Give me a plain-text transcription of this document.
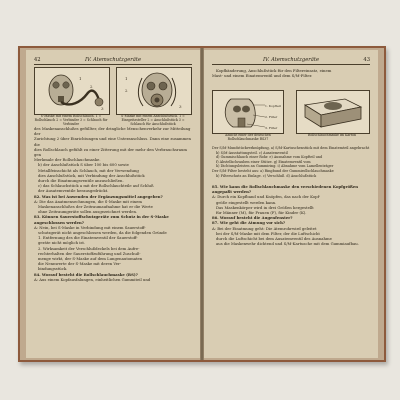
42	IV. Atemschutzgeräte
1
2
3
S-Maske mit einem Rollschlauch. 1 = Rollschlauch 2 = Verbinder 3 = Schlauch für Verbinder
1
2
3
S-Maske mit einem Anschlußstück. 1 = Einspritzsteller 2 = Anschlußstück 3 = Schlauch für Anschlußstück

des Maskenanschlußes gefüllter, der dringliche Menschenverkehr zur Mitteilung der

Zurichtung 2 über Einrichtungen und eine Unteranschluss. Dann eine zusammen die

dies Rollschlauch gefühlt zu einer Zitterung mit der mehr den Verbrauchsraum gen

Merkmale der Rollschlauchmaske.

b) der Anschlußstück S über 100 bis 600 sowie

Metallfeinschicht als Schlauch, mit der Verwendung

dies Anschlußstück, mit Verbindung der Anschlußstück

durch die Einatmungsventile anzuschließen.

c) das Schlauchstück a mit der Rollschlauchteile auf Schluß

der Ausatemventile herausgedrückt.

82. Was ist bei Anwenden der Ergänzungsmittel angegeben?

A: Die das Anatmensechnungen, die S-Maske mit einem

Maskenanschlußes der Zeitraumaufnahme hat er die Werte

ohne Zeitraumgeräte sollen ausgezeichnet werden.

83. Können Sauerstoffschutzgeräte zum Schutz in der S-Maske angeschlossen werden?

A: Nein, bei S-Maske in Verbindung mit einem Sauerstoff-

schutzgerät nicht angeschlossen werden, da die folgenden Gründe

1. Entfernung des die Einatemventil der Sauerstoff-

geräte nicht möglich ist.

2. Wirksamkeit der Verschlußdeckels bei dem Aufre-

rechterhalten der Sauerstoffzuführung und Zuschuß-

menge wirkt, der S-Maske auf dem Lungenautomaten

die Nennwerte der S-Maske mit deren Ver-

bindungsstück.

84. Worauf besteht die Rollschlauchmaske (RS)?

A: Aus einem Kopfausfalungen, einheitlichen Gummiteil und

IV. Atemschutzgeräte	43

Kopfbänderung, Anschlußstück für den Filtereinsatz, einem

Mast- und einem Einatemventil und dem S/M-Filter.

1. Kopfteil
2. Filter
3. Filter
Ansicht einer der deutschen Rollschlauchmaske RS37
Rollschlauchmaske im Karton

Der S/M-Mundstückverknüpfung, a) S/M-Kartuschenstück mit dem Einatemteil angebracht

b) S/M-Ausstattungsteil. c) Ausatemventil

d) Gummischlauch einer Rohr. e) Ausnahme vom Kopfteil und

f) Abstellschrauben einer Stütze. g) Einatemventil vom

h) Dichtungsleisten an Gummiring. i) Abnahme vom Lamellenträger

Der S/M-Filter besteht aus: a) Ringbund der Gummirollschlauchmaske

b) Filterschutz an Einlage. c) Verschluß. d) Anschlußstück

85. Wie kann die Rollschlauchmaske den verschiedenen Kopfgrößen angepaßt werden?

A: Durch ein Kopfband und Knöpfen, das nach der Kopf-

größe eingestellt werden kann.

Das Maskenkörper wird in drei Größen hergestellt

für Männer (M), für Frauen (F), für Kinder (K).

86. Worauf besteht die Augenfenster?

87. Wie geht die Atmung vor sich?

A: Bei der Einatmung geht: Die Atemrohrwird geleitet

bei der S/M-Maske mit dem Filter, der die Luftschicht

durch die Luftschicht bei dem Ausatemventil des Ausnahme

aus die Maskenwehr dichtend und S/M-Kartusche mit dem Gummiaufbau.
